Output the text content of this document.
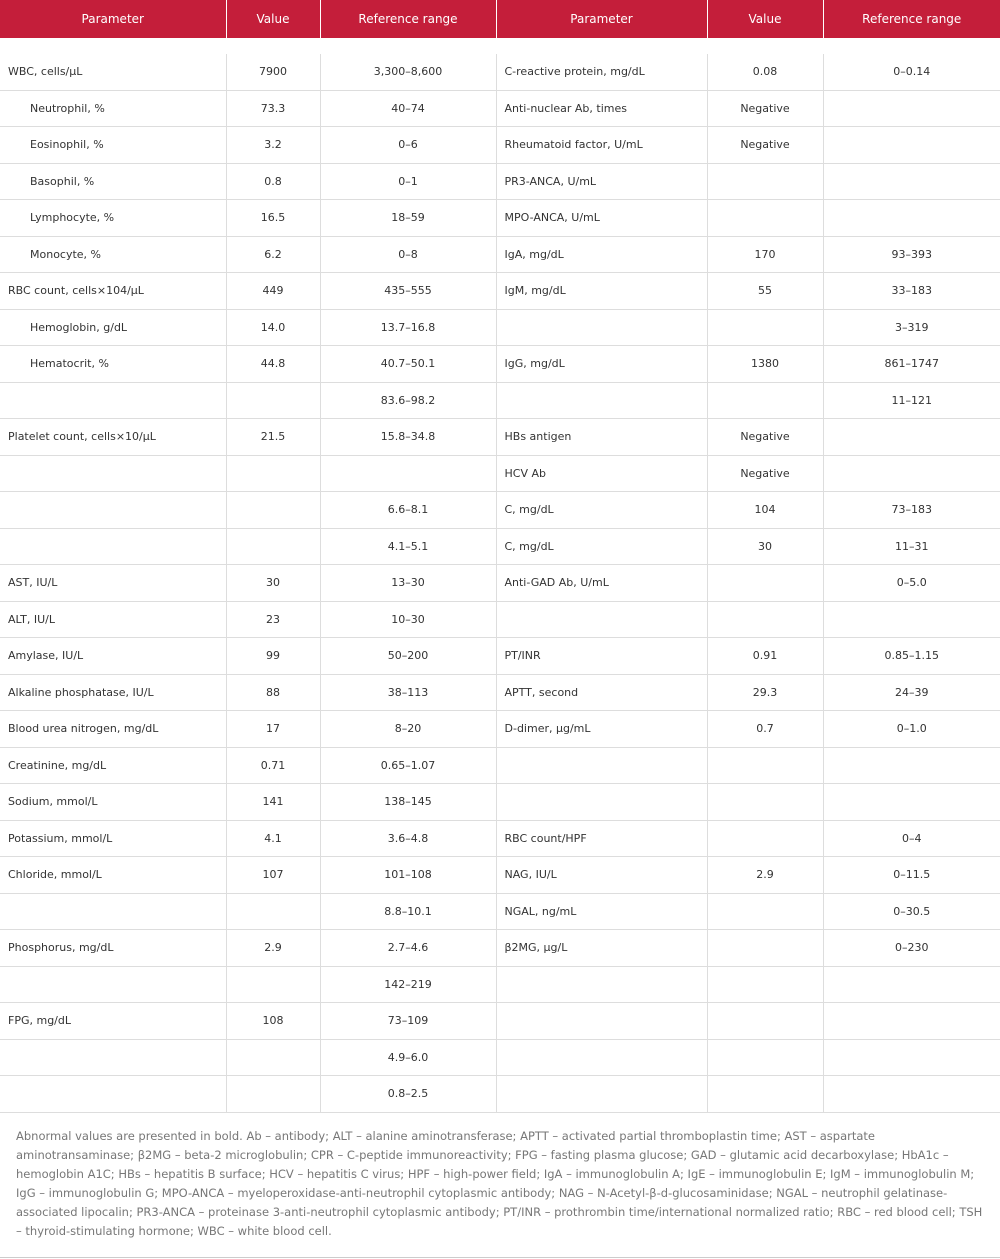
Parameter	Value	Reference range	Parameter	Value	Reference range

WBC, cells/μL	7900	3,300–8,600	C-reactive protein, mg/dL	0.08	0–0.14
Neutrophil, %	73.3	40–74	Anti-nuclear Ab, times	Negative	
Eosinophil, %	3.2	0–6	Rheumatoid factor, U/mL	Negative	
Basophil, %	0.8	0–1	PR3-ANCA, U/mL		
Lymphocyte, %	16.5	18–59	MPO-ANCA, U/mL		
Monocyte, %	6.2	0–8	IgA, mg/dL	170	93–393
RBC count, cells×104/μL	449	435–555	IgM, mg/dL	55	33–183
Hemoglobin, g/dL	14.0	13.7–16.8			3–319
Hematocrit, %	44.8	40.7–50.1	IgG, mg/dL	1380	861–1747
		83.6–98.2			11–121
Platelet count, cells×10/μL	21.5	15.8–34.8	HBs antigen	Negative	
			HCV Ab	Negative	
		6.6–8.1	C, mg/dL	104	73–183
		4.1–5.1	C, mg/dL	30	11–31
AST, IU/L	30	13–30	Anti-GAD Ab, U/mL		0–5.0
ALT, IU/L	23	10–30			
Amylase, IU/L	99	50–200	PT/INR	0.91	0.85–1.15
Alkaline phosphatase, IU/L	88	38–113	APTT, second	29.3	24–39
Blood urea nitrogen, mg/dL	17	8–20	D-dimer, μg/mL	0.7	0–1.0
Creatinine, mg/dL	0.71	0.65–1.07			
Sodium, mmol/L	141	138–145			
Potassium, mmol/L	4.1	3.6–4.8	RBC count/HPF		0–4
Chloride, mmol/L	107	101–108	NAG, IU/L	2.9	0–11.5
		8.8–10.1	NGAL, ng/mL		0–30.5
Phosphorus, mg/dL	2.9	2.7–4.6	β2MG, μg/L		0–230
		142–219			
FPG, mg/dL	108	73–109			
		4.9–6.0			
		0.8–2.5			
Abnormal values are presented in bold. Ab – antibody; ALT – alanine aminotransferase; APTT – activated partial thromboplastin time; AST – aspartate aminotransaminase; β2MG – beta-2 microglobulin; CPR – C-peptide immunoreactivity; FPG – fasting plasma glucose; GAD – glutamic acid decarboxylase; HbA1c – hemoglobin A1C; HBs – hepatitis B surface; HCV – hepatitis C virus; HPF – high-power field; IgA – immunoglobulin A; IgE – immunoglobulin E; IgM – immunoglobulin M; IgG – immunoglobulin G; MPO-ANCA – myeloperoxidase-anti-neutrophil cytoplasmic antibody; NAG – N-Acetyl-β-d-glucosaminidase; NGAL – neutrophil gelatinase-associated lipocalin; PR3-ANCA – proteinase 3-anti-neutrophil cytoplasmic antibody; PT/INR – prothrombin time/international normalized ratio; RBC – red blood cell; TSH – thyroid-stimulating hormone; WBC – white blood cell.
